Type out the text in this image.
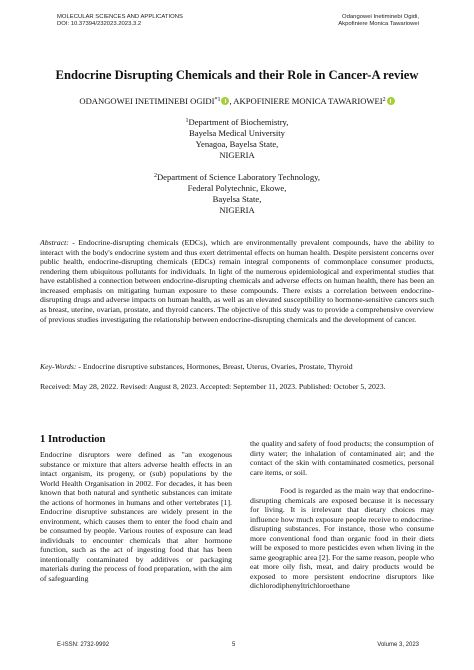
MOLECULAR SCIENCES AND APPLICATIONS
DOI: 10.37394/232023.2023.3.2
Odangowei Inetiminebi Ogidi,
Akpofiniere Monica Tawariowei
Endocrine Disrupting Chemicals and their Role in Cancer-A review
ODANGOWEI INETIMINEBI OGIDI$^{*1}$ , AKPOFINIERE MONICA TAWARIOWEI$^2$
$^1$Department of Biochemistry,
Bayelsa Medical University
Yenagoa, Bayelsa State,
NIGERIA
$^2$Department of Science Laboratory Technology,
Federal Polytechnic, Ekowe,
Bayelsa State,
NIGERIA
Abstract: - Endocrine-disrupting chemicals (EDCs), which are environmentally prevalent compounds, have the ability to interact with the body's endocrine system and thus exert detrimental effects on human health. Despite persistent concerns over public health, endocrine-disrupting chemicals (EDCs) remain integral components of commonplace consumer products, rendering them ubiquitous pollutants for individuals. In light of the numerous epidemiological and experimental studies that have established a connection between endocrine-disrupting chemicals and adverse effects on human health, there has been an increased emphasis on mitigating human exposure to these compounds. There exists a correlation between endocrine-disrupting drugs and adverse impacts on human health, as well as an elevated susceptibility to hormone-sensitive cancers such as breast, uterine, ovarian, prostate, and thyroid cancers. The objective of this study was to provide a comprehensive overview of previous studies investigating the relationship between endocrine-disrupting chemicals and the development of cancer.
Key-Words: - Endocrine disruptive substances, Hormones, Breast, Uterus, Ovaries, Prostate, Thyroid
Received: May 28, 2022. Revised: August 8, 2023. Accepted: September 11, 2023. Published: October 5, 2023.
1 Introduction
Endocrine disruptors were defined as "an exogenous substance or mixture that alters adverse health effects in an intact organism, its progeny, or (sub) populations by the World Health Organisation in 2002. For decades, it has been known that both natural and synthetic substances can imitate the actions of hormones in humans and other vertebrates [1]. Endocrine disruptive substances are widely present in the environment, which causes them to enter the food chain and be consumed by people. Various routes of exposure can lead individuals to encounter chemicals that alter hormone function, such as the act of ingesting food that has been intentionally contaminated by additives or packaging materials during the process of food preparation, with the aim of safeguarding
the quality and safety of food products; the consumption of dirty water; the inhalation of contaminated air; and the contact of the skin with contaminated cosmetics, personal care items, or soil.
Food is regarded as the main way that endocrine-disrupting chemicals are exposed because it is necessary for living. It is irrelevant that dietary choices may influence how much exposure people receive to endocrine-disrupting substances. For instance, those who consume more conventional food than organic food in their diets will be exposed to more pesticides even when living in the same geographic area [2]. For the same reason, people who eat more oily fish, meat, and dairy products would be exposed to more persistent endocrine disruptors like dichlorodiphenyltrichloroethane
E-ISSN: 2732-9992	5	Volume 3, 2023
